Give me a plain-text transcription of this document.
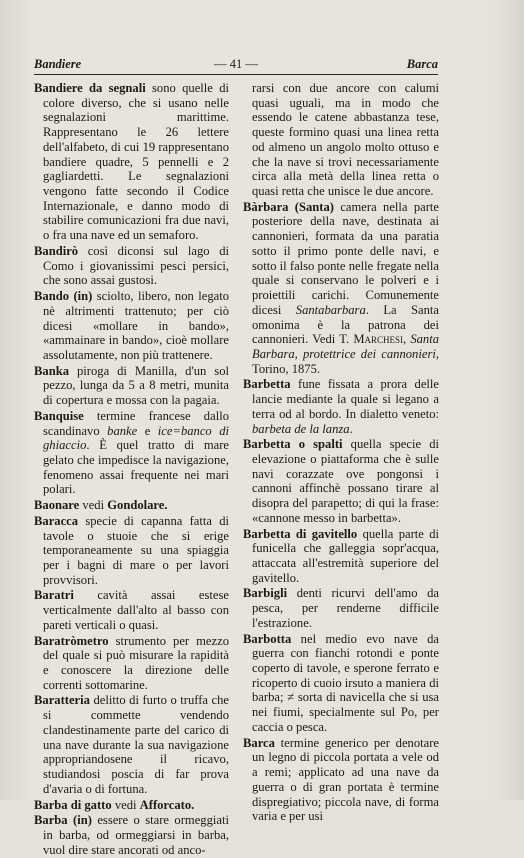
Bandiere	— 41 —	Barca

Bandiere da segnali sono quelle di colore diverso, che si usano nelle segnalazioni marittime. Rappresentano le 26 lettere dell'alfabeto, di cui 19 rappresentano bandiere quadre, 5 pennelli e 2 gagliardetti. Le segnalazioni vengono fatte secondo il Codice Internazionale, e danno modo di stabilire comunicazioni fra due navi, o fra una nave ed un semaforo.

Bandirò così diconsi sul lago di Como i giovanissimi pesci persici, che sono assai gustosi.

Bando (in) sciolto, libero, non legato nè altrimenti trattenuto; per ciò dicesi «mollare in bando», «ammainare in bando», cioè mollare assolutamente, non più trattenere.

Banka piroga di Manilla, d'un sol pezzo, lunga da 5 a 8 metri, munita di copertura e mossa con la pagaia.

Banquise termine francese dallo scandinavo banke e ice=banco di ghiaccio. È quel tratto di mare gelato che impedisce la navigazione, fenomeno assai frequente nei mari polari.

Baonare vedi Gondolare.

Baracca specie di capanna fatta di tavole o stuoie che si erige temporaneamente su una spiaggia per i bagni di mare o per lavori provvisori.

Baratri cavità assai estese verticalmente dall'alto al basso con pareti verticali o quasi.

Baratròmetro strumento per mezzo del quale si può misurare la rapidità e conoscere la direzione delle correnti sottomarine.

Baratteria delitto di furto o truffa che si commette vendendo clandestinamente parte del carico di una nave durante la sua navigazione appropriandosene il ricavo, studiandosi poscia di far prova d'avaria o di fortuna.

Barba di gatto vedi Afforcato.

Barba (in) essere o stare ormeggiati in barba, od ormeggiarsi in barba, vuol dire stare ancorati od anco-

rarsi con due ancore con calumi quasi uguali, ma in modo che essendo le catene abbastanza tese, queste formino quasi una linea retta od almeno un angolo molto ottuso e che la nave si trovi necessariamente circa alla metà della linea retta o quasi retta che unisce le due ancore.

Bàrbara (Santa) camera nella parte posteriore della nave, destinata ai cannonieri, formata da una paratia sotto il primo ponte delle navi, e sotto il falso ponte nelle fregate nella quale si conservano le polveri e i proiettili carichi. Comunemente dicesi Santabarbara. La Santa omonima è la patrona dei cannonieri. Vedi T. Marchesi, Santa Barbara, protettrice dei cannonieri, Torino, 1875.

Barbetta fune fissata a prora delle lancie mediante la quale si legano a terra od al bordo. In dialetto veneto: barbeta de la lanza.

Barbetta o spalti quella specie di elevazione o piattaforma che è sulle navi corazzate ove pongonsi i cannoni affinchè possano tirare al disopra del parapetto; di qui la frase: «cannone messo in barbetta».

Barbetta di gavitello quella parte di funicella che galleggia sopr'acqua, attaccata all'estremità superiore del gavitello.

Barbigli denti ricurvi dell'amo da pesca, per renderne difficile l'estrazione.

Barbotta nel medio evo nave da guerra con fianchi rotondi e ponte coperto di tavole, e sperone ferrato e ricoperto di cuoio irsuto a maniera di barba; ≠ sorta di navicella che si usa nei fiumi, specialmente sul Po, per caccia o pesca.

Barca termine generico per denotare un legno di piccola portata a vele od a remi; applicato ad una nave da guerra o di gran portata è termine dispregiativo; piccola nave, di forma varia e per usi
